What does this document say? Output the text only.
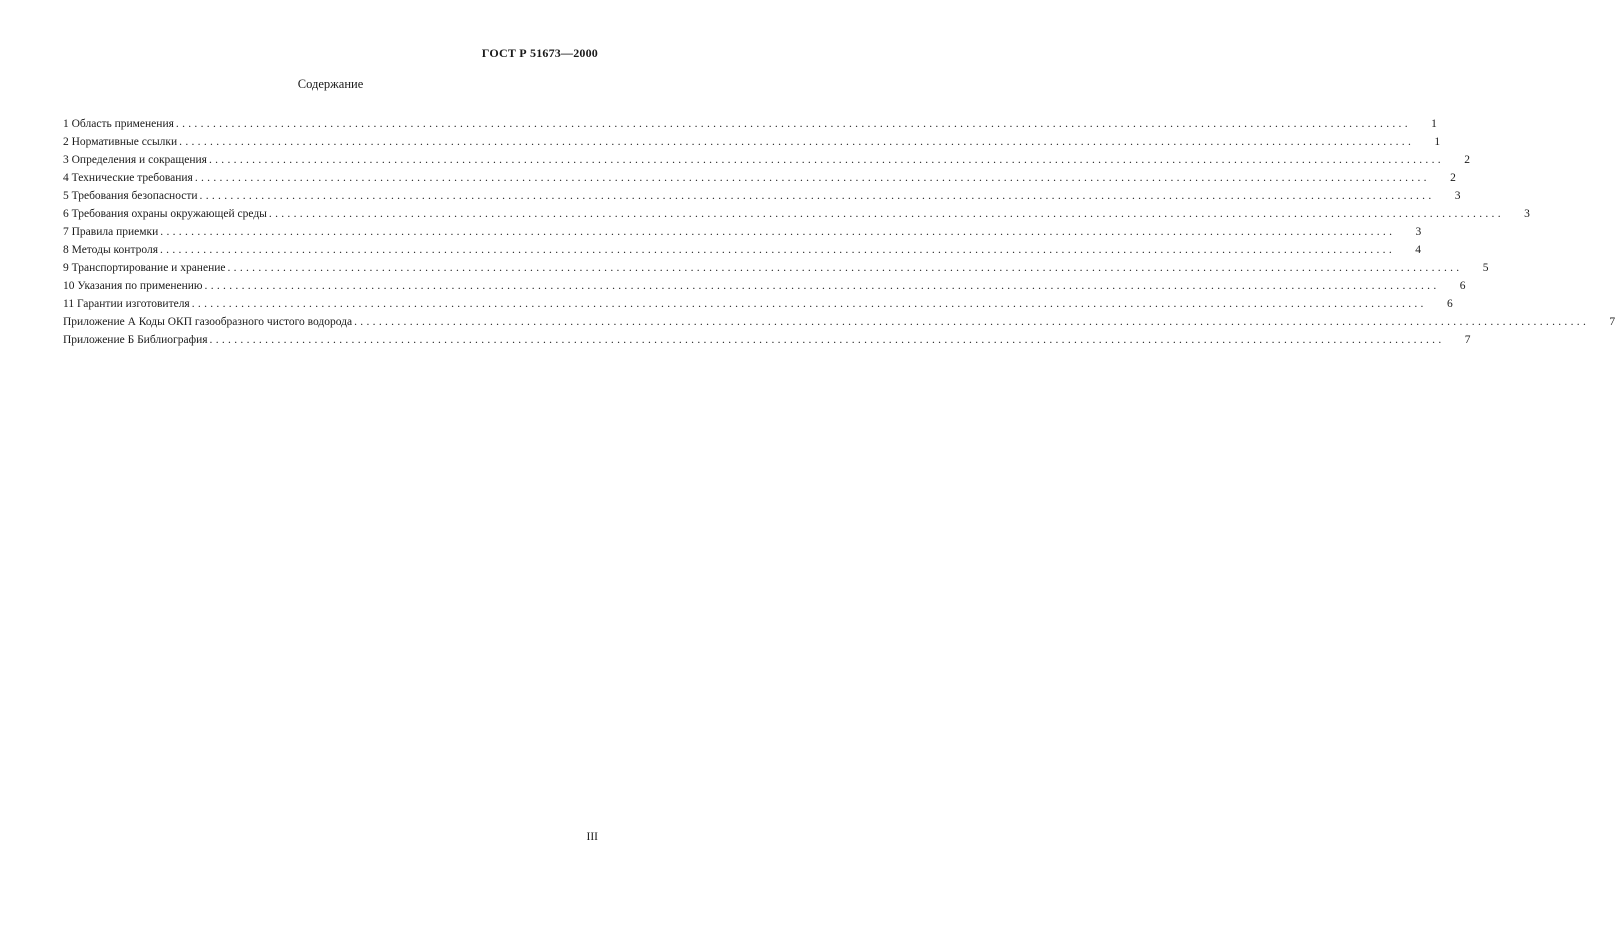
ГОСТ Р 51673—2000
Содержание
1 Область применения ........................................................................................................................................................................................................	1
2 Нормативные ссылки ........................................................................................................................................................................................................	1
3 Определения и сокращения ........................................................................................................................................................................................................	2
4 Технические требования ........................................................................................................................................................................................................	2
5 Требования безопасности ........................................................................................................................................................................................................	3
6 Требования охраны окружающей среды ........................................................................................................................................................................................................	3
7 Правила приемки ........................................................................................................................................................................................................	3
8 Методы контроля ........................................................................................................................................................................................................	4
9 Транспортирование и хранение ........................................................................................................................................................................................................	5
10 Указания по применению ........................................................................................................................................................................................................	6
11 Гарантии изготовителя ........................................................................................................................................................................................................	6
Приложение А Коды ОКП газообразного чистого водорода ........................................................................................................................................................................................................	7
Приложение Б Библиография ........................................................................................................................................................................................................	7
III
